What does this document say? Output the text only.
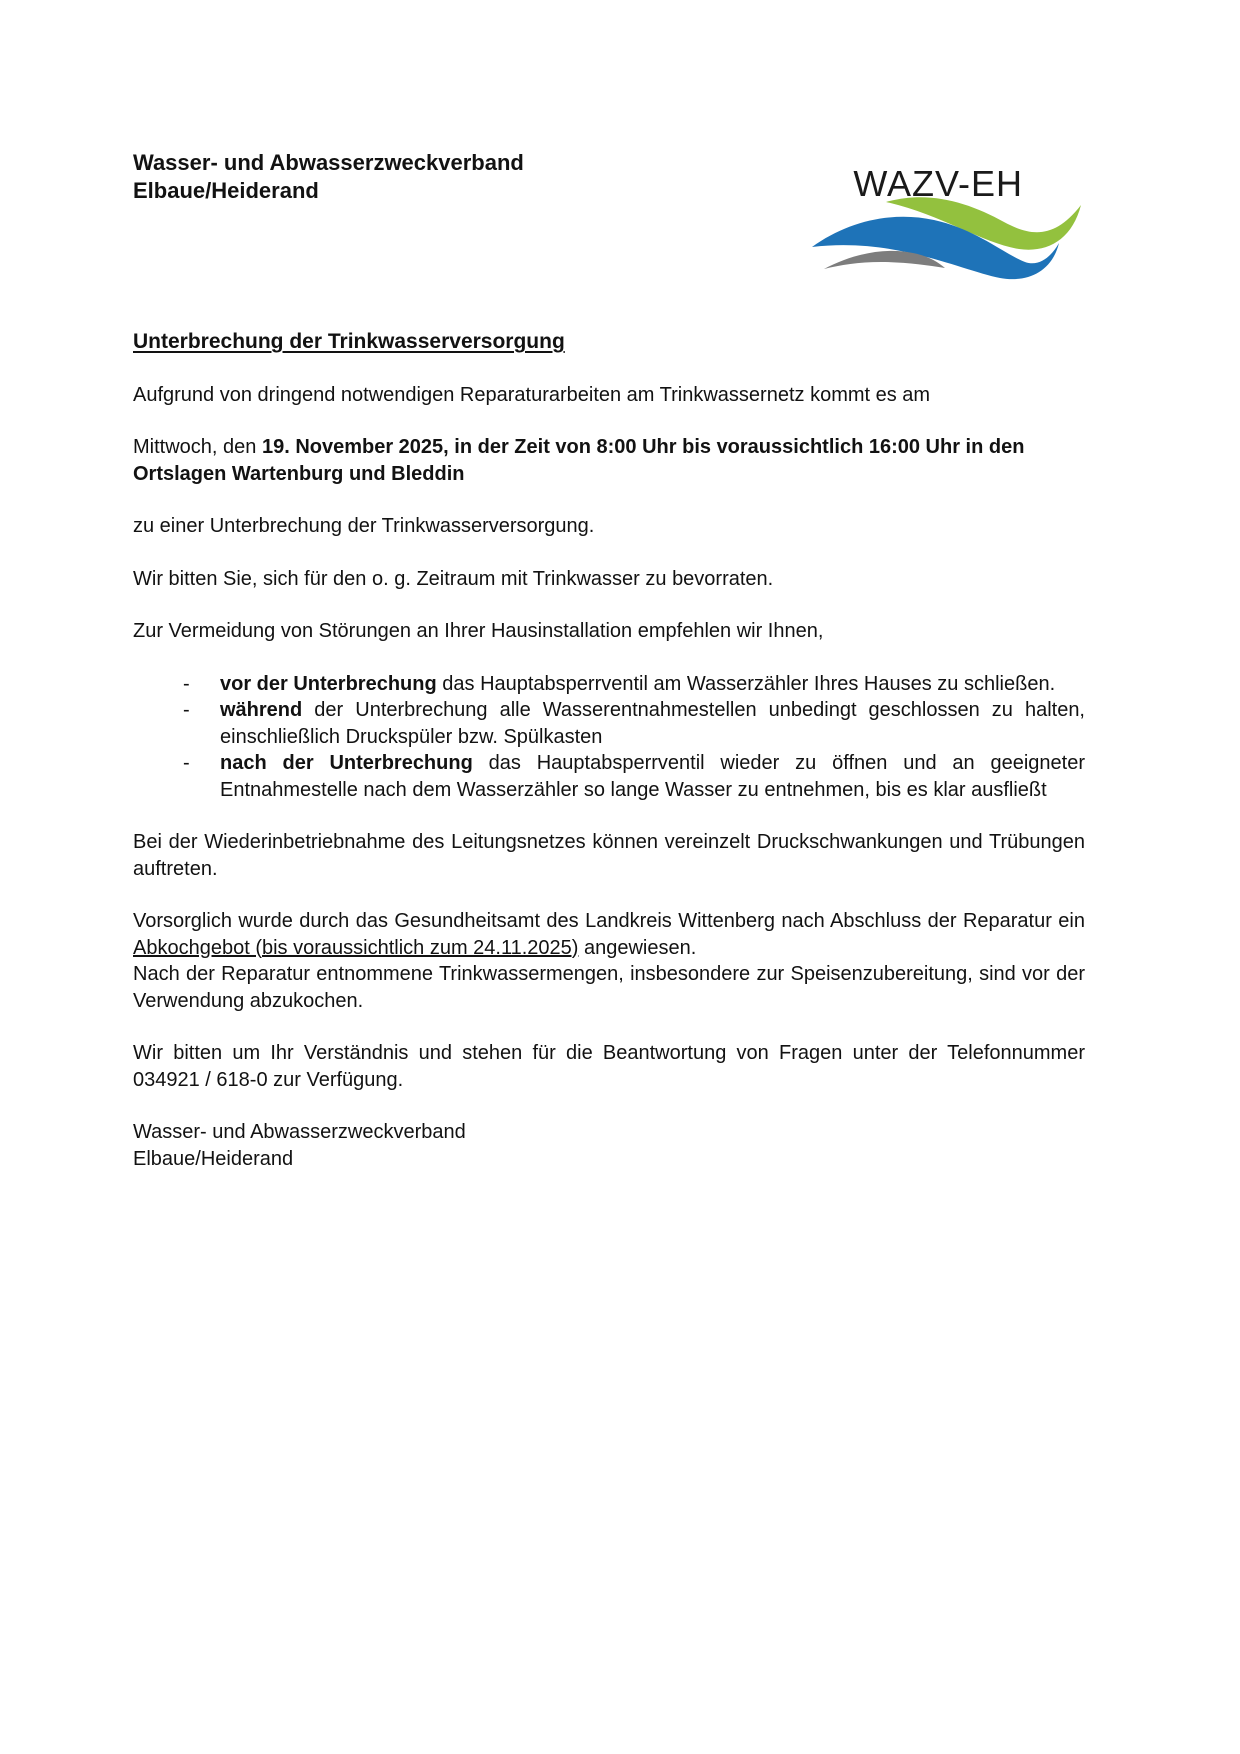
Wasser- und Abwasserzweckverband
Elbaue/Heiderand	WAZV-EH
Unterbrechung der Trinkwasserversorgung

Aufgrund von dringend notwendigen Reparaturarbeiten am Trinkwassernetz kommt es am

Mittwoch, den 19. November 2025, in der Zeit von 8:00 Uhr bis voraussichtlich 16:00 Uhr in den Ortslagen Wartenburg und Bleddin

zu einer Unterbrechung der Trinkwasserversorgung.

Wir bitten Sie, sich für den o. g. Zeitraum mit Trinkwasser zu bevorraten.

Zur Vermeidung von Störungen an Ihrer Hausinstallation empfehlen wir Ihnen,

-	vor der Unterbrechung das Hauptabsperrventil am Wasserzähler Ihres Hauses zu schließen.
-	während der Unterbrechung alle Wasserentnahmestellen unbedingt geschlossen zu halten, einschließlich Druckspüler bzw. Spülkasten
-	nach der Unterbrechung das Hauptabsperrventil wieder zu öffnen und an geeigneter Entnahmestelle nach dem Wasserzähler so lange Wasser zu entnehmen, bis es klar ausfließt

Bei der Wiederinbetriebnahme des Leitungsnetzes können vereinzelt Druckschwankungen und Trübungen auftreten.

Vorsorglich wurde durch das Gesundheitsamt des Landkreis Wittenberg nach Abschluss der Reparatur ein Abkochgebot (bis voraussichtlich zum 24.11.2025) angewiesen.
Nach der Reparatur entnommene Trinkwassermengen, insbesondere zur Speisenzubereitung, sind vor der Verwendung abzukochen.

Wir bitten um Ihr Verständnis und stehen für die Beantwortung von Fragen unter der Telefonnummer 034921 / 618-0 zur Verfügung.

Wasser- und Abwasserzweckverband
Elbaue/Heiderand
